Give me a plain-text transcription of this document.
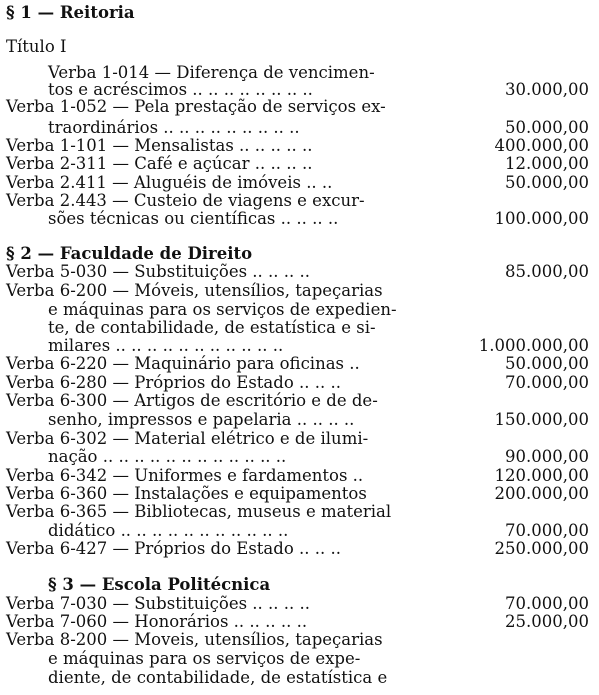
§ 1 — Reitoria
Título I
Verba 1-014 — Diferença de vencimen-
tos e acréscimos .. .. .. .. .. .. .. ..	30.000,00
Verba 1-052 — Pela prestação de serviços ex-
traordinários .. .. .. .. .. .. .. .. ..	50.000,00
Verba 1-101 — Mensalistas .. .. .. .. ..	400.000,00
Verba 2-311 — Café e açúcar .. .. .. ..	12.000,00
Verba 2.411 — Aluguéis de imóveis .. ..	50.000,00
Verba 2.443 — Custeio de viagens e excur-
sões técnicas ou científicas .. .. .. ..	100.000,00
§ 2 — Faculdade de Direito
Verba 5-030 — Substituições .. .. .. ..	85.000,00
Verba 6-200 — Móveis, utensílios, tapeçarias
e máquinas para os serviços de expedien-
te, de contabilidade, de estatística e si-
milares .. .. .. .. .. .. .. .. .. .. ..	1.000.000,00
Verba 6-220 — Maquinário para oficinas ..	50.000,00
Verba 6-280 — Próprios do Estado .. .. ..	70.000,00
Verba 6-300 — Artigos de escritório e de de-
senho, impressos e papelaria .. .. .. ..	150.000,00
Verba 6-302 — Material elétrico e de ilumi-
nação .. .. .. .. .. .. .. .. .. .. .. ..	90.000,00
Verba 6-342 — Uniformes e fardamentos ..	120.000,00
Verba 6-360 — Instalações e equipamentos	200.000,00
Verba 6-365 — Bibliotecas, museus e material
didático .. .. .. .. .. .. .. .. .. .. ..	70.000,00
Verba 6-427 — Próprios do Estado .. .. ..	250.000,00
§ 3 — Escola Politécnica
Verba 7-030 — Substituições .. .. .. ..	70.000,00
Verba 7-060 — Honorários .. .. .. .. ..	25.000,00
Verba 8-200 — Moveis, utensílios, tapeçarias
e máquinas para os serviços de expe-
diente, de contabilidade, de estatística e
